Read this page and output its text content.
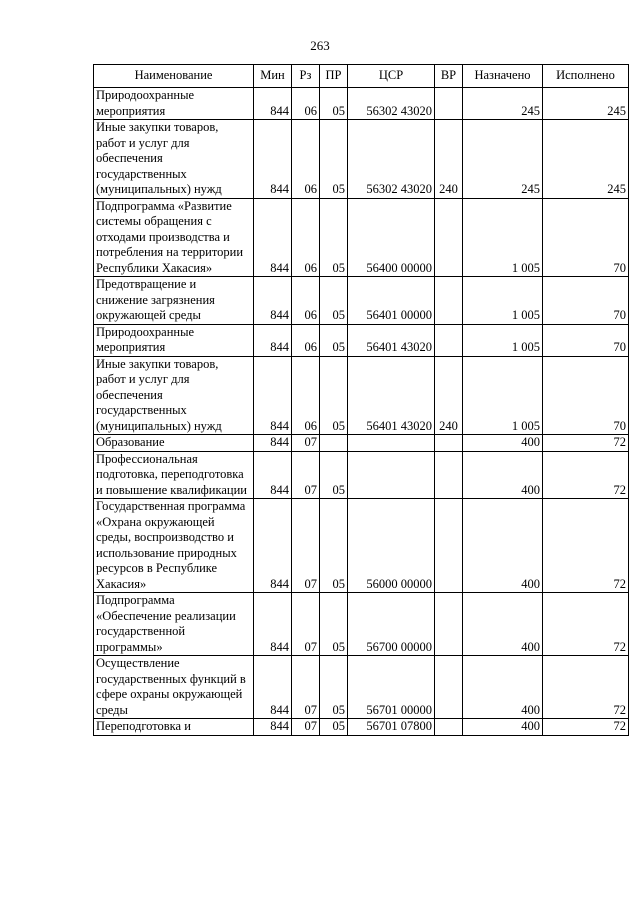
263
Наименование	Мин	Рз	ПР	ЦСР	ВР	Назначено	Исполнено
Природоохранные мероприятия	844	06	05	56302 43020		245	245
Иные закупки товаров, работ и услуг для обеспечения государственных (муниципальных) нужд	844	06	05	56302 43020	240	245	245
Подпрограмма «Развитие системы обращения с отходами производства и потребления на территории Республики Хакасия»	844	06	05	56400 00000		1 005	70
Предотвращение и снижение загрязнения окружающей среды	844	06	05	56401 00000		1 005	70
Природоохранные мероприятия	844	06	05	56401 43020		1 005	70
Иные закупки товаров, работ и услуг для обеспечения государственных (муниципальных) нужд	844	06	05	56401 43020	240	1 005	70
Образование	844	07				400	72
Профессиональная подготовка, переподготовка и повышение квалификации	844	07	05			400	72
Государственная программа «Охрана окружающей среды, воспроизводство и использование природных ресурсов в Республике Хакасия»	844	07	05	56000 00000		400	72
Подпрограмма «Обеспечение реализации государственной программы»	844	07	05	56700 00000		400	72
Осуществление государственных функций в сфере охраны окружающей среды	844	07	05	56701 00000		400	72
Переподготовка и	844	07	05	56701 07800		400	72
